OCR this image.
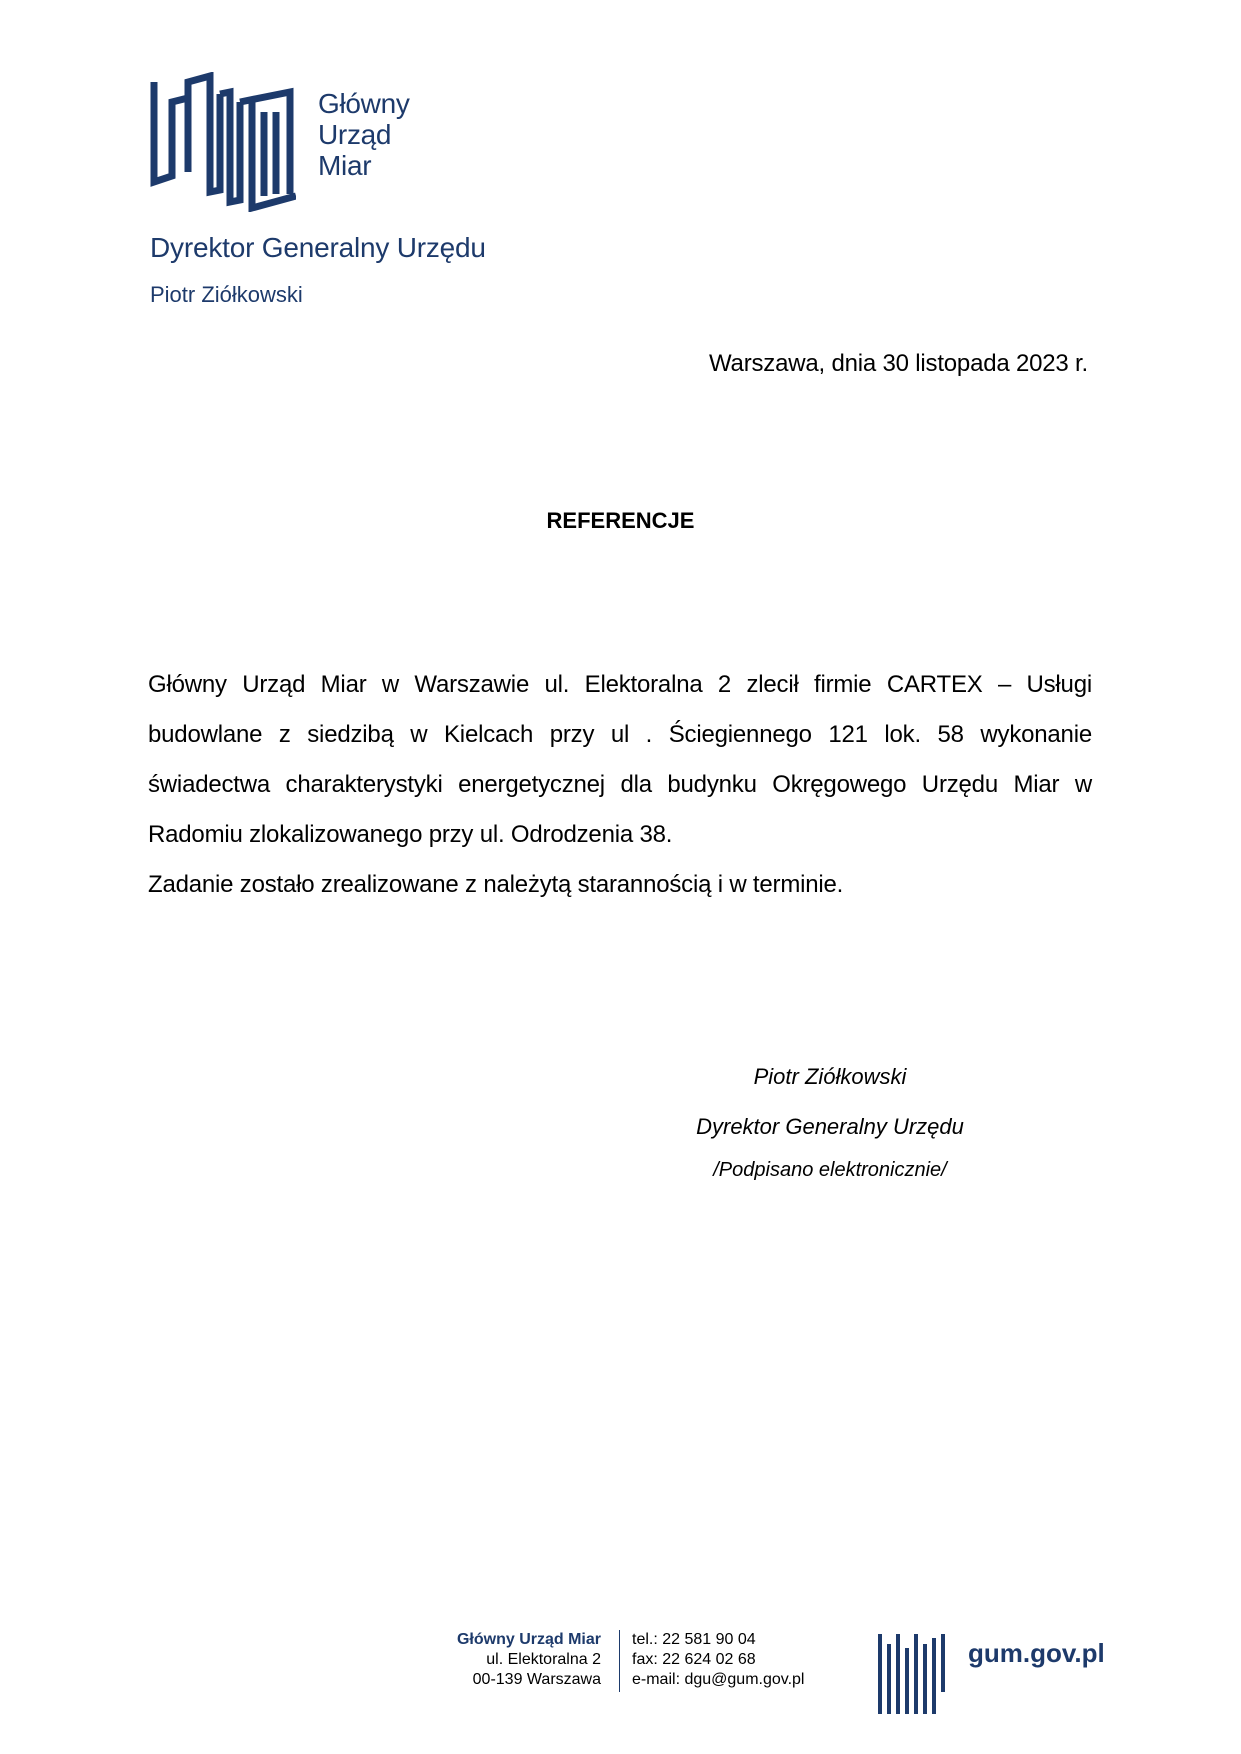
Główny
Urząd
Miar
Dyrektor Generalny Urzędu
Piotr Ziółkowski
Warszawa, dnia 30 listopada 2023 r.
REFERENCJE

Główny Urząd Miar w Warszawie ul. Elektoralna 2 zlecił firmie CARTEX – Usługi budowlane z siedzibą w Kielcach przy ul . Ściegiennego 121 lok. 58 wykonanie świadectwa charakterystyki energetycznej dla budynku Okręgowego Urzędu Miar w Radomiu zlokalizowanego przy ul. Odrodzenia 38.

Zadanie zostało zrealizowane z należytą starannością i w terminie.

Piotr Ziółkowski
Dyrektor Generalny Urzędu
/Podpisano elektronicznie/
Główny Urząd Miar
ul. Elektoralna 2
00-139 Warszawa
tel.: 22 581 90 04
fax: 22 624 02 68
e-mail: dgu@gum.gov.pl
gum.gov.pl
